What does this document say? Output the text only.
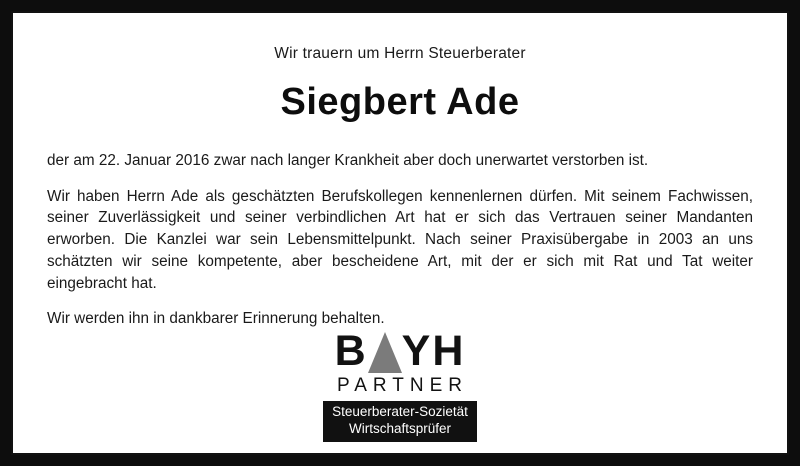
Wir trauern um Herrn Steuerberater
Siegbert Ade

der am 22. Januar 2016 zwar nach langer Krankheit aber doch unerwartet verstorben ist.

Wir haben Herrn Ade als geschätzten Berufskollegen kennenlernen dürfen. Mit seinem Fachwissen, seiner Zuverlässigkeit und seiner verbindlichen Art hat er sich das Vertrauen seiner Mandanten erworben. Die Kanzlei war sein Lebensmittelpunkt. Nach seiner Praxisübergabe in 2003 an uns schätzten wir seine kompetente, aber bescheidene Art, mit der er sich mit Rat und Tat weiter eingebracht hat.

Wir werden ihn in dankbarer Erinnerung behalten.

B Y H
PARTNER
Steuerberater-Sozietät
Wirtschaftsprüfer
